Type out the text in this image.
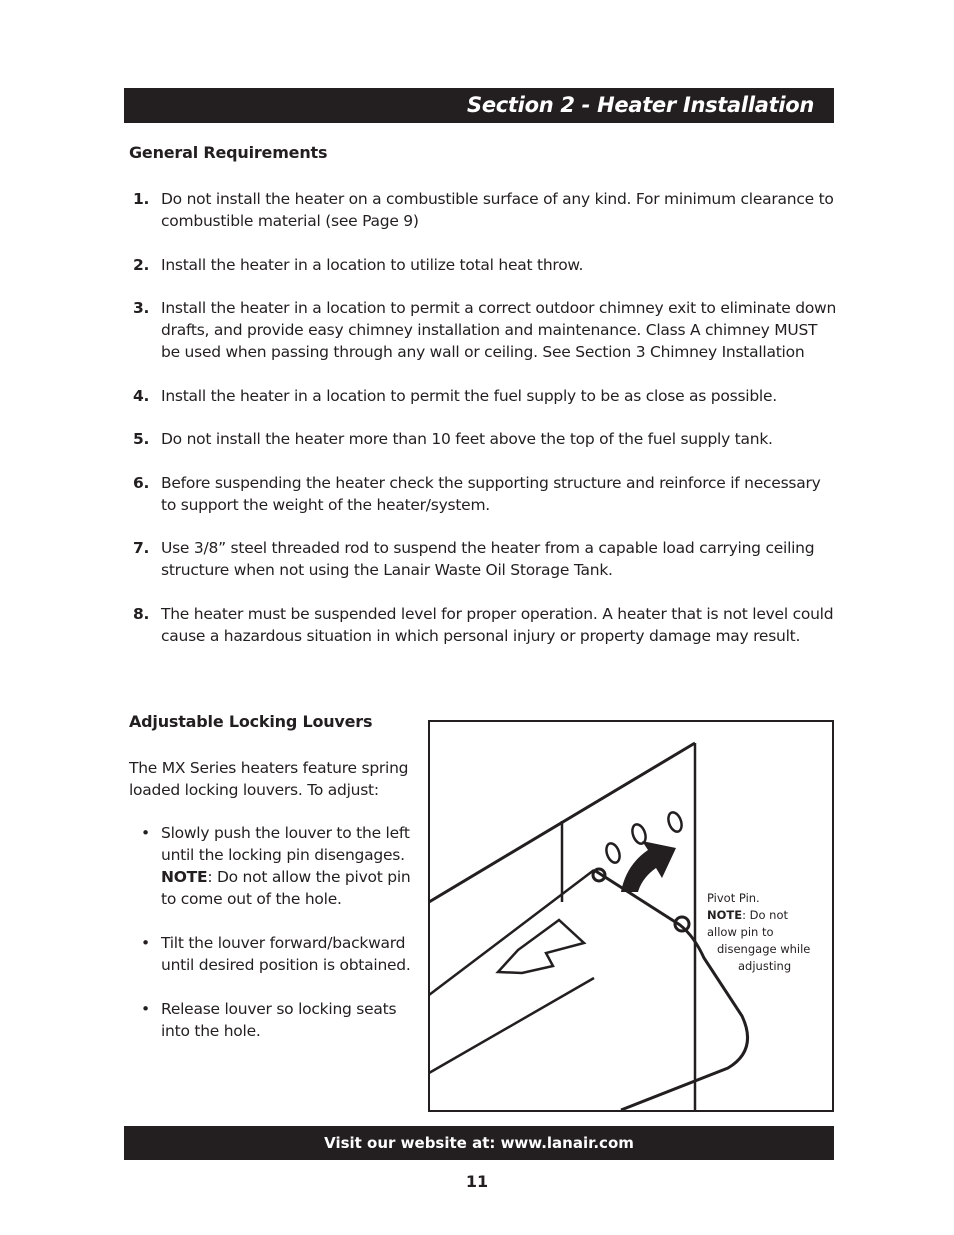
Section 2 - Heater Installation
General Requirements
1. Do not install the heater on a combustible surface of any kind. For minimum clearance to combustible material (see Page 9)
2. Install the heater in a location to utilize total heat throw.
3. Install the heater in a location to permit a correct outdoor chimney exit to eliminate down drafts, and provide easy chimney installation and maintenance. Class A chimney MUST be used when passing through any wall or ceiling. See Section 3 Chimney Installation
4. Install the heater in a location to permit the fuel supply to be as close as possible.
5. Do not install the heater more than 10 feet above the top of the fuel supply tank.
6. Before suspending the heater check the supporting structure and reinforce if necessary to support the weight of the heater/system.
7. Use 3/8” steel threaded rod to suspend the heater from a capable load carrying ceiling structure when not using the Lanair Waste Oil Storage Tank.
8. The heater must be suspended level for proper operation. A heater that is not level could cause a hazardous situation in which personal injury or property damage may result.
Adjustable Locking Louvers

The MX Series heaters feature spring loaded locking louvers. To adjust:

• Slowly push the louver to the left until the locking pin disengages. NOTE: Do not allow the pivot pin to come out of the hole.
• Tilt the louver forward/backward until desired position is obtained.
• Release louver so locking seats into the hole.
Pivot Pin.
NOTE: Do not
allow pin to
disengage while
adjusting
Visit our website at: www.lanair.com
11
